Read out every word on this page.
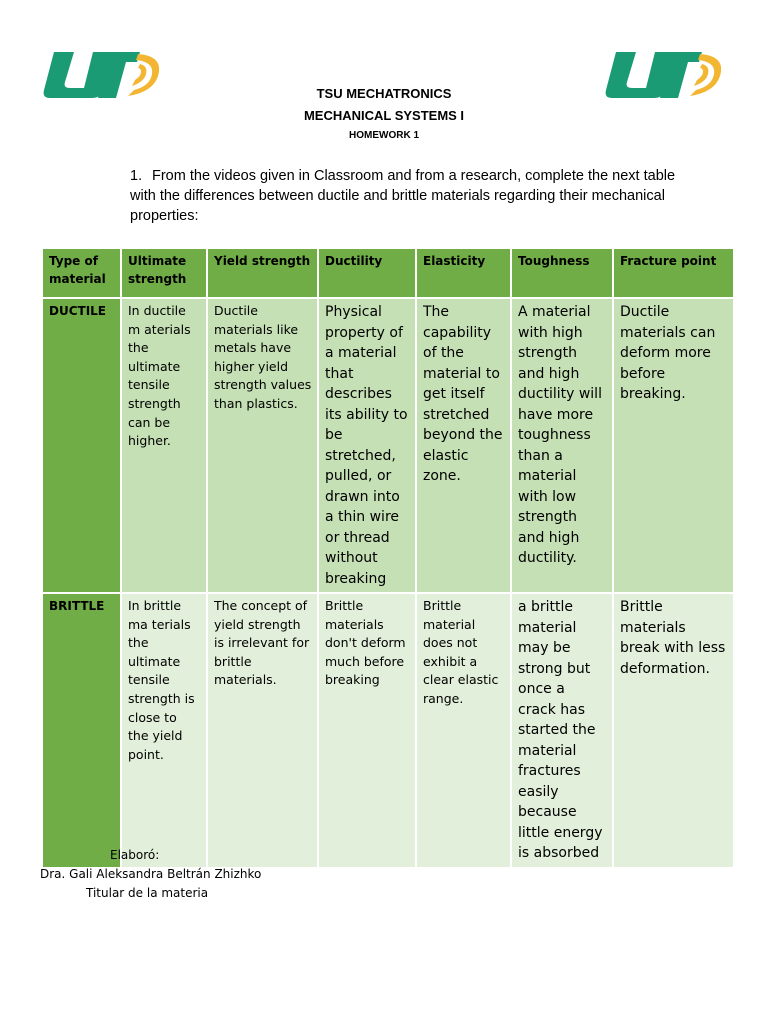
TSU MECHATRONICS
MECHANICAL SYSTEMS I
HOMEWORK 1
1. From the videos given in Classroom and from a research, complete the next table with the differences between ductile and brittle materials regarding their mechanical properties:
Type of material	Ultimate strength	Yield strength	Ductility	Elasticity	Toughness	Fracture point
DUCTILE	In ductile m aterials the ultimate tensile strength can be higher.	Ductile materials like metals have higher yield strength values than plastics.	Physical property of a material that describes its ability to be stretched, pulled, or drawn into a thin wire or thread without breaking	The capability of the material to get itself stretched beyond the elastic zone.	A material with high strength and high ductility will have more toughness than a material with low strength and high ductility.	Ductile materials can deform more before breaking.
BRITTLE	In brittle ma terials the ultimate tensile strength is close to the yield point.	The concept of yield strength is irrelevant for brittle materials.	Brittle materials don't deform much before breaking	Brittle material does not exhibit a clear elastic range.	a brittle material may be strong but once a crack has started the material fractures easily because little energy is absorbed	Brittle materials break with less deformation.
Elaboró:
Dra. Gali Aleksandra Beltrán Zhizhko
Titular de la materia
